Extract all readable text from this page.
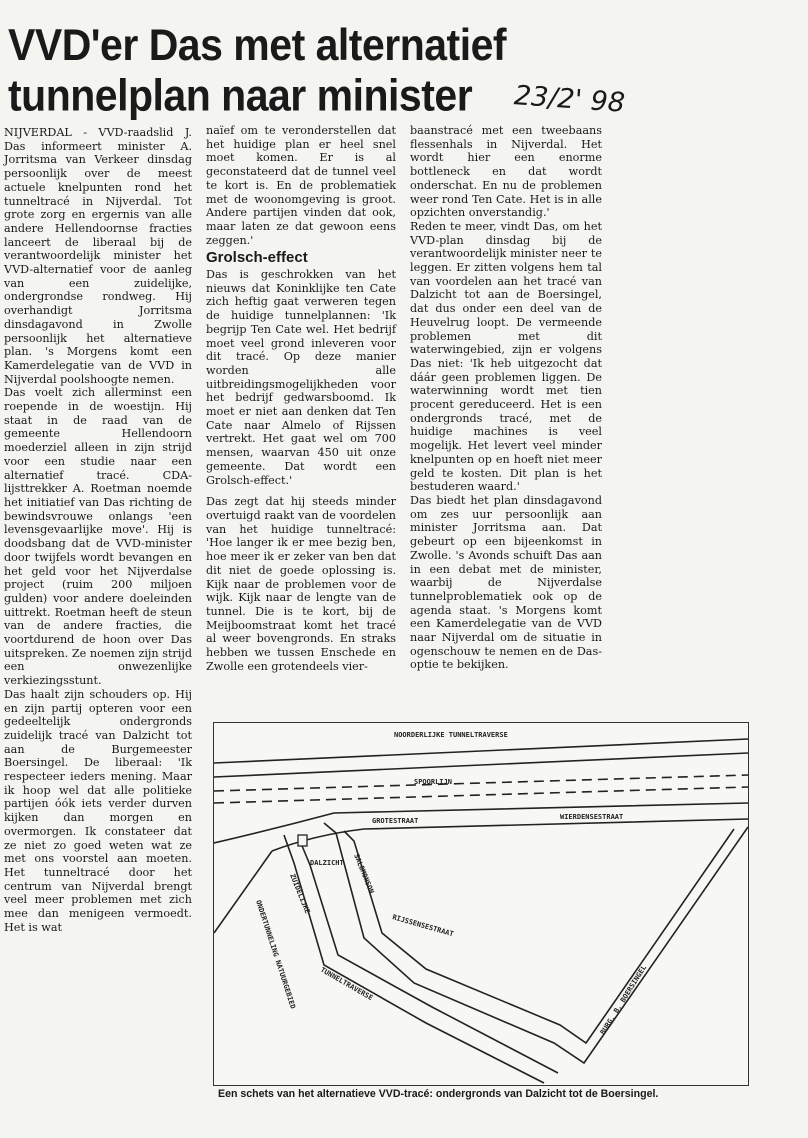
VVD'er Das met alternatief
tunnelplan naar minister	23/2' 98

NIJVERDAL - VVD-raadslid J. Das informeert minister A. Jorritsma van Verkeer dinsdag persoonlijk over de meest actuele knelpunten rond het tunneltracé in Nijverdal. Tot grote zorg en ergernis van alle andere Hellendoornse fracties lanceert de liberaal bij de verantwoordelijk minister het VVD-alternatief voor de aanleg van een zuidelijke, ondergrondse rondweg. Hij overhandigt Jorritsma dinsdagavond in Zwolle persoonlijk het alternatieve plan. 's Morgens komt een Kamerdelegatie van de VVD in Nijverdal poolshoogte nemen.

Das voelt zich allerminst een roepende in de woestijn. Hij staat in de raad van de gemeente Hellendoorn moederziel alleen in zijn strijd voor een studie naar een alternatief tracé. CDA-lijsttrekker A. Roetman noemde het initiatief van Das richting de bewindsvrouwe onlangs 'een levensgevaarlijke move'. Hij is doodsbang dat de VVD-minister door twijfels wordt bevangen en het geld voor het Nijverdalse project (ruim 200 miljoen gulden) voor andere doeleinden uittrekt. Roetman heeft de steun van de andere fracties, die voortdurend de hoon over Das uitspreken. Ze noemen zijn strijd een onwezenlijke verkiezingsstunt.

Das haalt zijn schouders op. Hij en zijn partij opteren voor een gedeeltelijk ondergronds zuidelijk tracé van Dalzicht tot aan de Burgemeester Boersingel. De liberaal: 'Ik respecteer ieders mening. Maar ik hoop wel dat alle politieke partijen óók iets verder durven kijken dan morgen en overmorgen. Ik constateer dat ze niet zo goed weten wat ze met ons voorstel aan moeten. Het tunneltracé door het centrum van Nijverdal brengt veel meer problemen met zich mee dan menigeen vermoedt. Het is wat

naïef om te veronderstellen dat het huidige plan er heel snel moet komen. Er is al geconstateerd dat de tunnel veel te kort is. En de problematiek met de woonomgeving is groot. Andere partijen vinden dat ook, maar laten ze dat gewoon eens zeggen.'

Grolsch-effect

Das is geschrokken van het nieuws dat Koninklijke ten Cate zich heftig gaat verweren tegen de huidige tunnelplannen: 'Ik begrijp Ten Cate wel. Het bedrijf moet veel grond inleveren voor dit tracé. Op deze manier worden alle uitbreidingsmogelijkheden voor het bedrijf gedwarsboomd. Ik moet er niet aan denken dat Ten Cate naar Almelo of Rijssen vertrekt. Het gaat wel om 700 mensen, waarvan 450 uit onze gemeente. Dat wordt een Grolsch-effect.'

Das zegt dat hij steeds minder overtuigd raakt van de voordelen van het huidige tunneltracé: 'Hoe langer ik er mee bezig ben, hoe meer ik er zeker van ben dat dit niet de goede oplossing is. Kijk naar de problemen voor de wijk. Kijk naar de lengte van de tunnel. Die is te kort, bij de Meijboomstraat komt het tracé al weer bovengronds. En straks hebben we tussen Enschede en Zwolle een grotendeels vier-

baanstracé met een tweebaans flessenhals in Nijverdal. Het wordt hier een enorme bottleneck en dat wordt onderschat. En nu de problemen weer rond Ten Cate. Het is in alle opzichten onverstandig.'

Reden te meer, vindt Das, om het VVD-plan dinsdag bij de verantwoordelijk minister neer te leggen. Er zitten volgens hem tal van voordelen aan het tracé van Dalzicht tot aan de Boersingel, dat dus onder een deel van de Heuvelrug loopt. De vermeende problemen met dit waterwingebied, zijn er volgens Das niet: 'Ik heb uitgezocht dat dáár geen problemen liggen. De waterwinning wordt met tien procent gereduceerd. Het is een ondergronds tracé, met de huidige machines is veel mogelijk. Het levert veel minder knelpunten op en hoeft niet meer geld te kosten. Dit plan is het bestuderen waard.'

Das biedt het plan dinsdagavond om zes uur persoonlijk aan minister Jorritsma aan. Dat gebeurt op een bijeenkomst in Zwolle. 's Avonds schuift Das aan in een debat met de minister, waarbij de Nijverdalse tunnelproblematiek ook op de agenda staat. 's Morgens komt een Kamerdelegatie van de VVD naar Nijverdal om de situatie in ogenschouw te nemen en de Das-optie te bekijken.

NOORDERLIJKE TUNNELTRAVERSE
SPOORLIJN
GROTESTRAAT	WIERDENSESTRAAT
DALZICHT SALOMONSON
RIJSSENSESTRAAT
ZUIDELIJKE
ONDERTUNNELING NATUURGEBIED	TUNNELTRAVERSE	BURG. B. BOERSINGEL
Een schets van het alternatieve VVD-tracé: ondergronds van Dalzicht tot de Boersingel.
